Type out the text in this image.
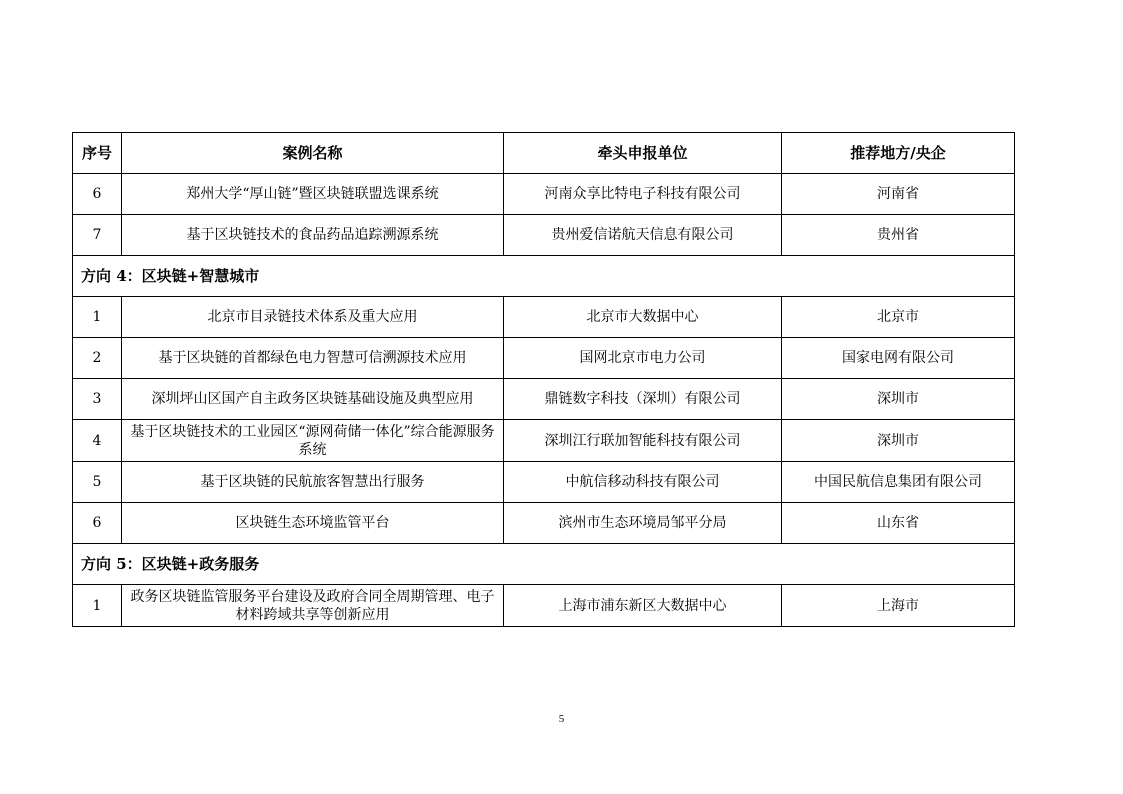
序号	案例名称	牵头申报单位	推荐地方/央企
6	郑州大学“厚山链”暨区块链联盟选课系统	河南众享比特电子科技有限公司	河南省
7	基于区块链技术的食品药品追踪溯源系统	贵州爱信诺航天信息有限公司	贵州省
方向 4：区块链+智慧城市			
1	北京市目录链技术体系及重大应用	北京市大数据中心	北京市
2	基于区块链的首都绿色电力智慧可信溯源技术应用	国网北京市电力公司	国家电网有限公司
3	深圳坪山区国产自主政务区块链基础设施及典型应用	鼎链数字科技（深圳）有限公司	深圳市
4	基于区块链技术的工业园区“源网荷储一体化”综合能源服务系统	深圳江行联加智能科技有限公司	深圳市
5	基于区块链的民航旅客智慧出行服务	中航信移动科技有限公司	中国民航信息集团有限公司
6	区块链生态环境监管平台	滨州市生态环境局邹平分局	山东省
方向 5：区块链+政务服务			
1	政务区块链监管服务平台建设及政府合同全周期管理、电子材料跨域共享等创新应用	上海市浦东新区大数据中心	上海市
5
